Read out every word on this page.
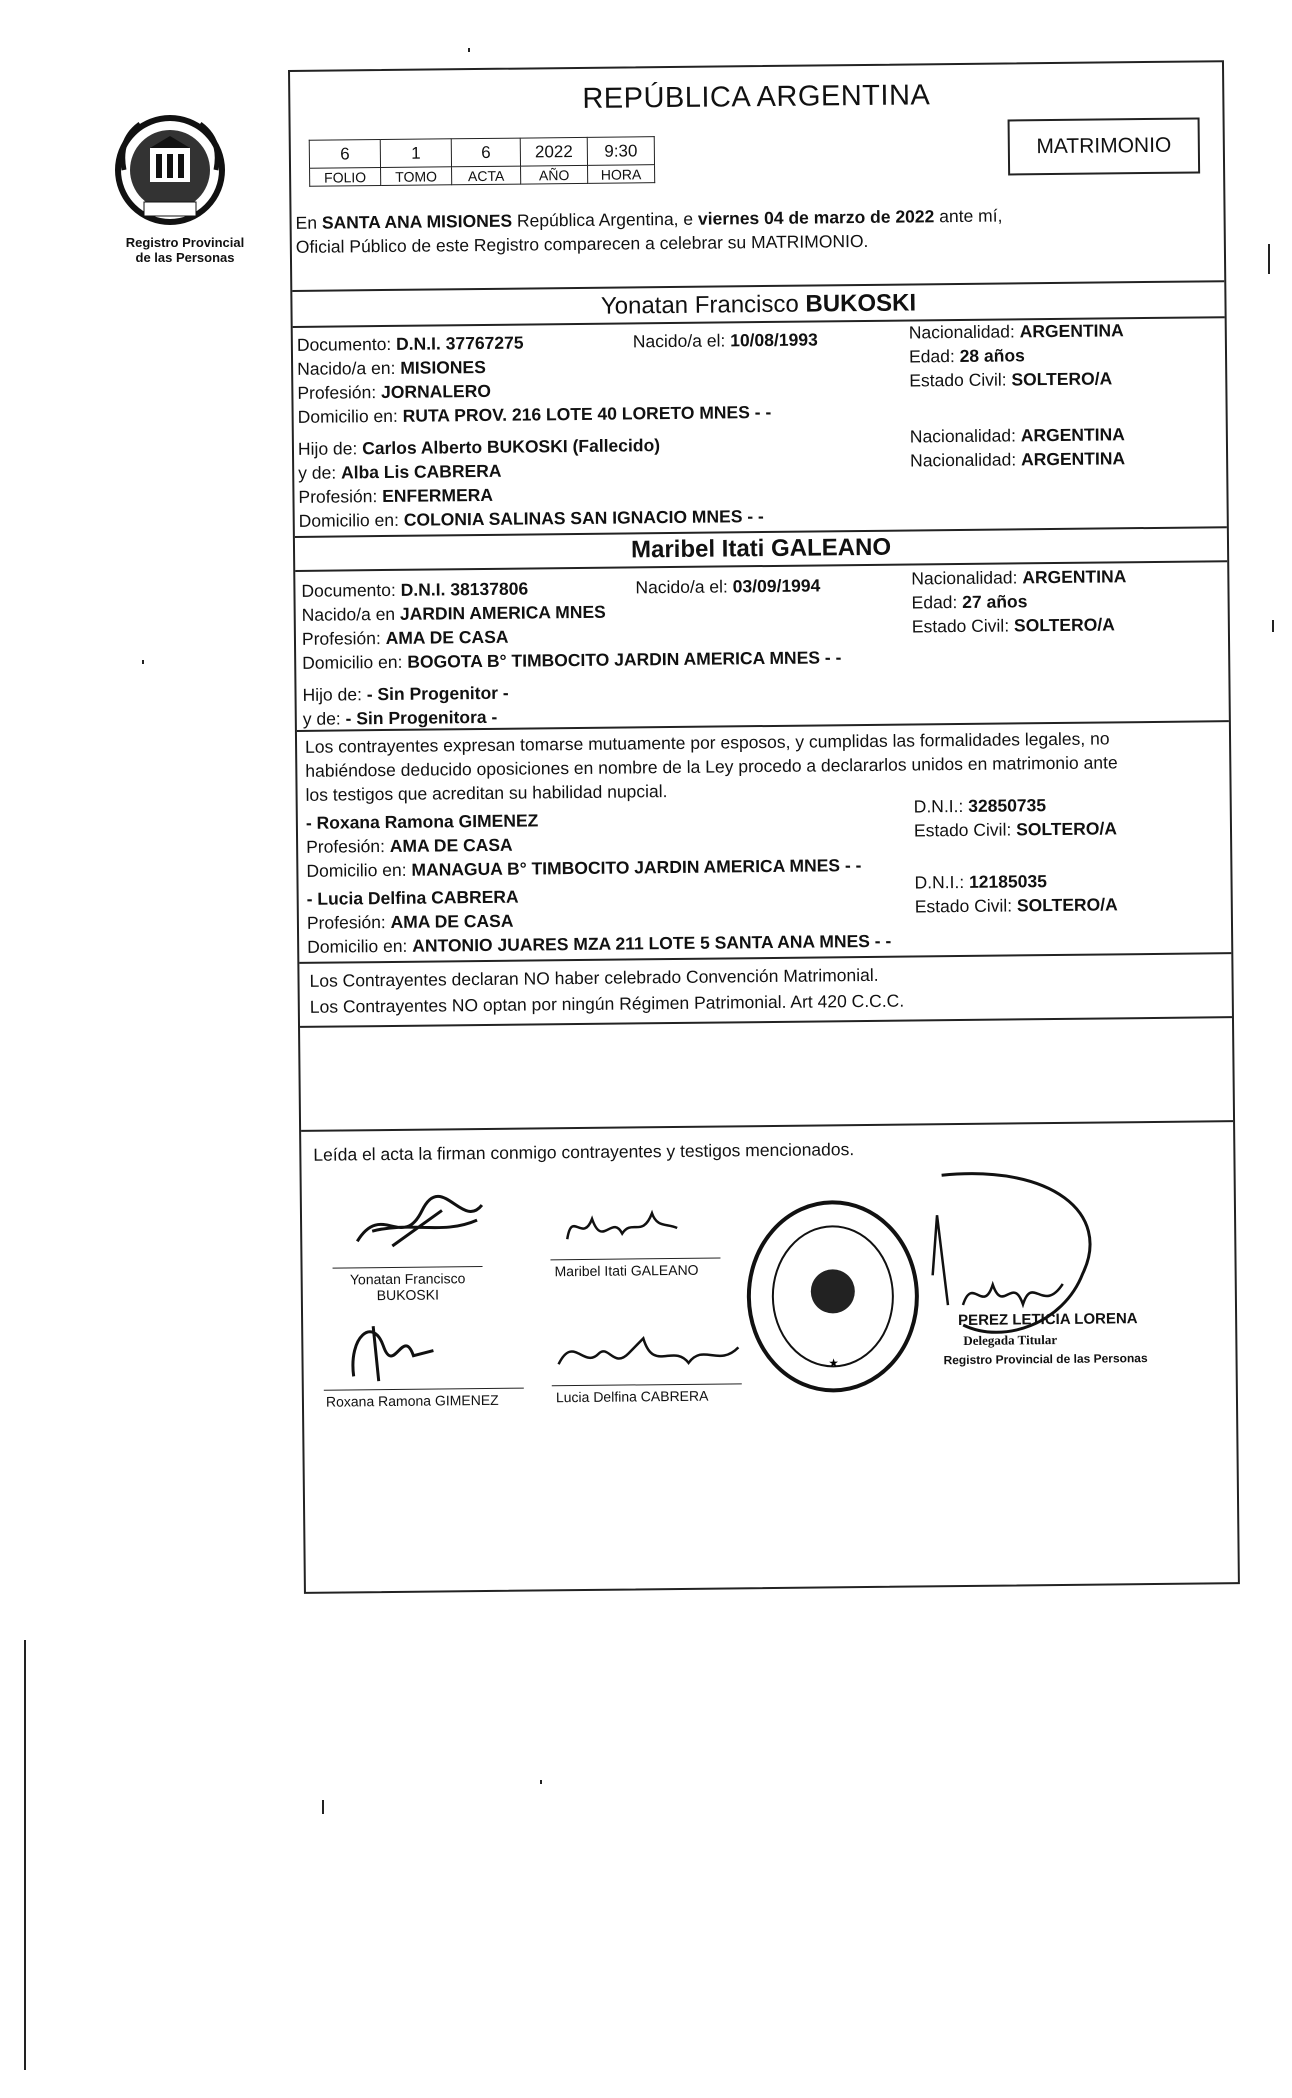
Registro Provincial
de las Personas
REPÚBLICA ARGENTINA
6	1	6	2022	9:30
FOLIO	TOMO	ACTA	AÑO	HORA
MATRIMONIO
En SANTA ANA MISIONES República Argentina, e viernes 04 de marzo de 2022 ante mí,
Oficial Público de este Registro comparecen a celebrar su MATRIMONIO.
Yonatan Francisco BUKOSKI
Documento: D.N.I. 37767275	Nacido/a el: 10/08/1993	Nacionalidad: ARGENTINA
Nacido/a en: MISIONES
Edad: 28 años
Profesión: JORNALERO
Estado Civil: SOLTERO/A
Domicilio en: RUTA PROV. 216 LOTE 40 LORETO MNES - -
Hijo de: Carlos Alberto BUKOSKI (Fallecido)	Nacionalidad: ARGENTINA
y de: Alba Lis CABRERA
Nacionalidad: ARGENTINA
Profesión: ENFERMERA
Domicilio en: COLONIA SALINAS SAN IGNACIO MNES - -
Maribel Itati GALEANO
Documento: D.N.I. 38137806	Nacido/a el: 03/09/1994	Nacionalidad: ARGENTINA
Nacido/a en JARDIN AMERICA MNES	Edad: 27 años
Profesión: AMA DE CASA
Estado Civil: SOLTERO/A
Domicilio en: BOGOTA B° TIMBOCITO JARDIN AMERICA MNES - -
Hijo de: - Sin Progenitor -
y de: - Sin Progenitora -
Los contrayentes expresan tomarse mutuamente por esposos, y cumplidas las formalidades legales, no
habiéndose deducido oposiciones en nombre de la Ley procedo a declararlos unidos en matrimonio ante
los testigos que acreditan su habilidad nupcial.
- Roxana Ramona GIMENEZ
D.N.I.: 32850735
Estado Civil: SOLTERO/A
Profesión: AMA DE CASA
Domicilio en: MANAGUA B° TIMBOCITO JARDIN AMERICA MNES - -
- Lucia Delfina CABRERA
D.N.I.: 12185035
Estado Civil: SOLTERO/A
Profesión: AMA DE CASA
Domicilio en: ANTONIO JUARES MZA 211 LOTE 5 SANTA ANA MNES - -
Los Contrayentes declaran NO haber celebrado Convención Matrimonial.
Los Contrayentes NO optan por ningún Régimen Patrimonial. Art 420 C.C.C.
Leída el acta la firman conmigo contrayentes y testigos mencionados.
Yonatan Francisco
BUKOSKI
Maribel Itati GALEANO
Roxana Ramona GIMENEZ	Lucia Delfina CABRERA
★
PEREZ LETICIA LORENA
Delegada Titular
Registro Provincial de las Personas
